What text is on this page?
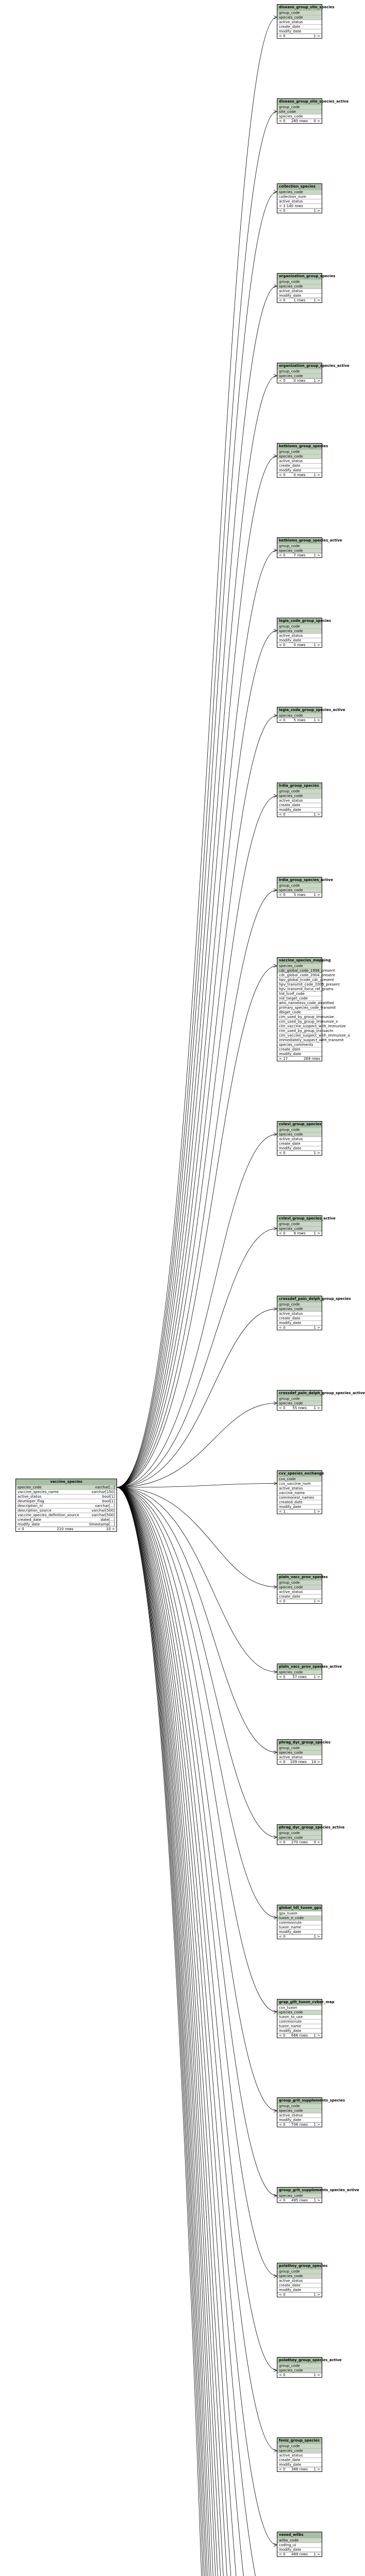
vaccine_species
species_code	varchar[...]
vaccine_species_name	varchar[150]
active_status	bool[1]
developer_flag	bool[1]
description_nl	varchar[...]
description_source	varchar[500]
vaccine_species_definition_source	varchar[500]
created_date	date[...]
modify_date	timestamp[...]
< 0	210 rows	33 >
disease_group_site_species
group_code
species_code
active_status
create_date
modify_date
< 0	1 >
disease_group_site_species_active
group_code
site_code
species_code
< 0 285 rows 0 >
collection_species
species_code
collection_num
active_status
< 1 140 rows
< 0	1 >
organization_group_species
group_code
species_code
active_status
modify_date
< 0 1 rows 1 >
organization_group_species_active
group_code
species_code
< 0 0 rows 1 >
ketbisms_group_species
group_code
species_code
active_status
create_date
modify_date
< 0 0 rows 1 >
ketbisms_group_species_active
group_code
species_code
< 0 7 rows 1 >
legia_code_group_species
group_code
species_code
active_status
modify_date
< 0 0 rows 1 >
legia_code_group_species_active
species_code
< 0 5 rows 1 >
lrdia_group_species
group_code
species_code
active_status
create_date
modify_date
< 0	1 >
lrdia_group_species_active
group_code
species_code
< 0 3 rows 1 >
vaccine_species_mapping
species_code
cdc_global_code_1998_present
cdc_global_code_2004_present
hpv_global_tcode_cdc_present
hpv_transmit_code_2005_present
hpv_transmit_force_ref_grams
hid_tcolf_code
nid_target_code
who_nameless_code_stratified
primary_species_code_transmit
dbiget_code
cim_used_by_group_immunize
cim_used_by_group_immunize_x
cim_vaccine_suspect_with_immunize
cim_used_by_group_transactn
cim_vaccine_suspect_with_immunize_a
immediately_suspect_with_transmit
species_comments
create_date
modify_date
< 17	268 rows
cvlevl_group_species
group_code
species_code
active_status
create_date
modify_date
< 0	1 >
cvlevl_group_species_active
group_code
species_code
< 0 9 rows 1 >
crossdef_pain_delph_group_species
group_code
species_code
active_status
create_date
modify_date
< 0	1 >
crossdef_pain_delph_group_species_active
group_code
species_code
< 0 55 rows 1 >
cvx_species_exchange
cvx_code
cvx_vaccine_num
active_status
vaccine_name
commonest_names
created_date
modify_date
< 1	1 >
plaln_vacc_prov_species
group_code
species_code
active_status
create_date
< 0	1 >
plaln_vacc_prov_species_active
species_code
< 0 57 rows 1 >
phrag_dyc_group_species
group_code
species_code
active_status
< 0 109 rows 14 >
phrag_dyc_group_species_active
group_code
species_code
< 0 270 rows 0 >
global_tdl_tuxon_gps
gps_tuxon
tuxon_n_code
commonrule
tuxon_name
modify_date
< 0	1 >
grap_gilt_tuxon_cvbec_map
cvx_tuxon
species_code
tuxon_to_use
commonrule
tuxon_name
modify_date
< 0 666 rows 1 >
group_grit_supplements_species
group_code
species_code
active_status
modify_date
< 0 706 rows 1 >
group_grit_supplements_species_active
species_code
< 0 495 rows 1 >
polathey_group_species
group_code
species_code
active_status
create_date
modify_date
< 0	1 >
polathey_group_species_active
group_code
species_code
< 0	1 >
feniz_group_species
group_code
species_code
active_status
create_date
modify_date
< 0 388 rows 1 >
vaxed_wilbs
wilbs_code
coding_ui
modify_date
< 0 469 rows 1 >
